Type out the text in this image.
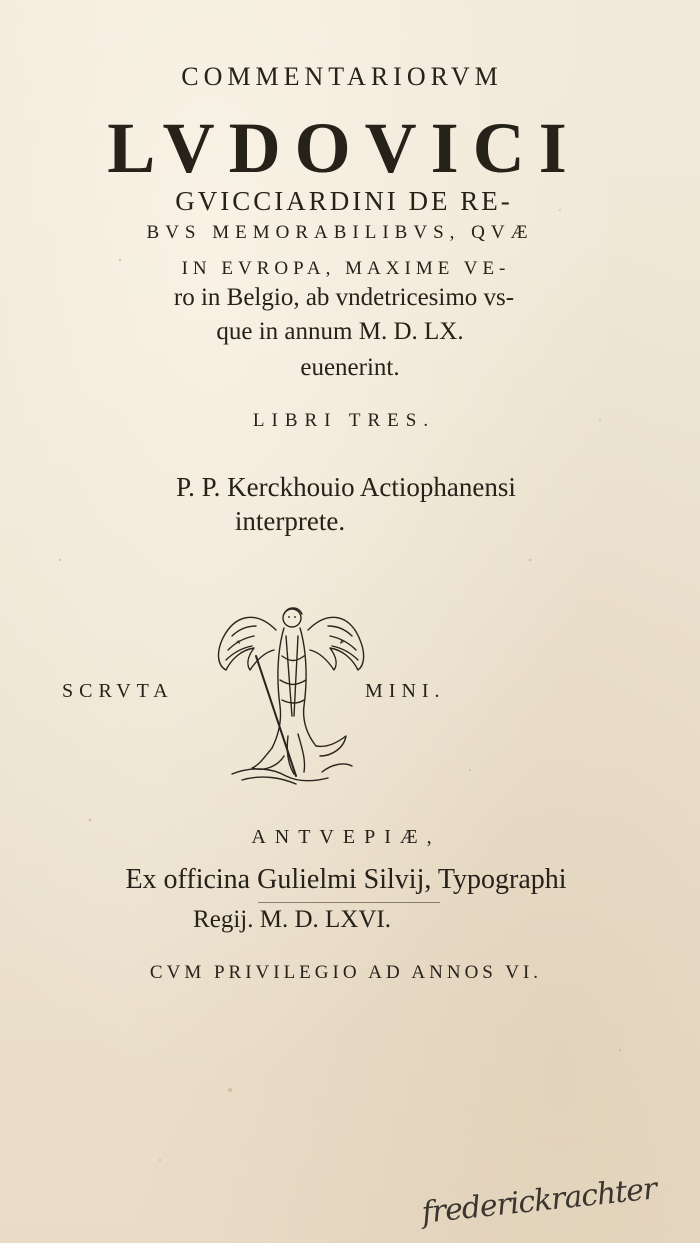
COMMENTARIORVM
LVDOVICI
GVICCIARDINI DE RE-
BVS MEMORABILIBVS, QVÆ
IN EVROPA, MAXIME VE-
ro in Belgio, ab vndetricesimo vs-
que in annum M. D. LX.
euenerint.
LIBRI TRES.
P. P. Kerckhouio Actiophanensi
interprete.
SCRVTA	MINI.
ANTVEPIÆ,
Ex officina Gulielmi Silvij, Typographi
Regij. M. D. LXVI.
CVM PRIVILEGIO AD ANNOS VI.
frederickrachter
